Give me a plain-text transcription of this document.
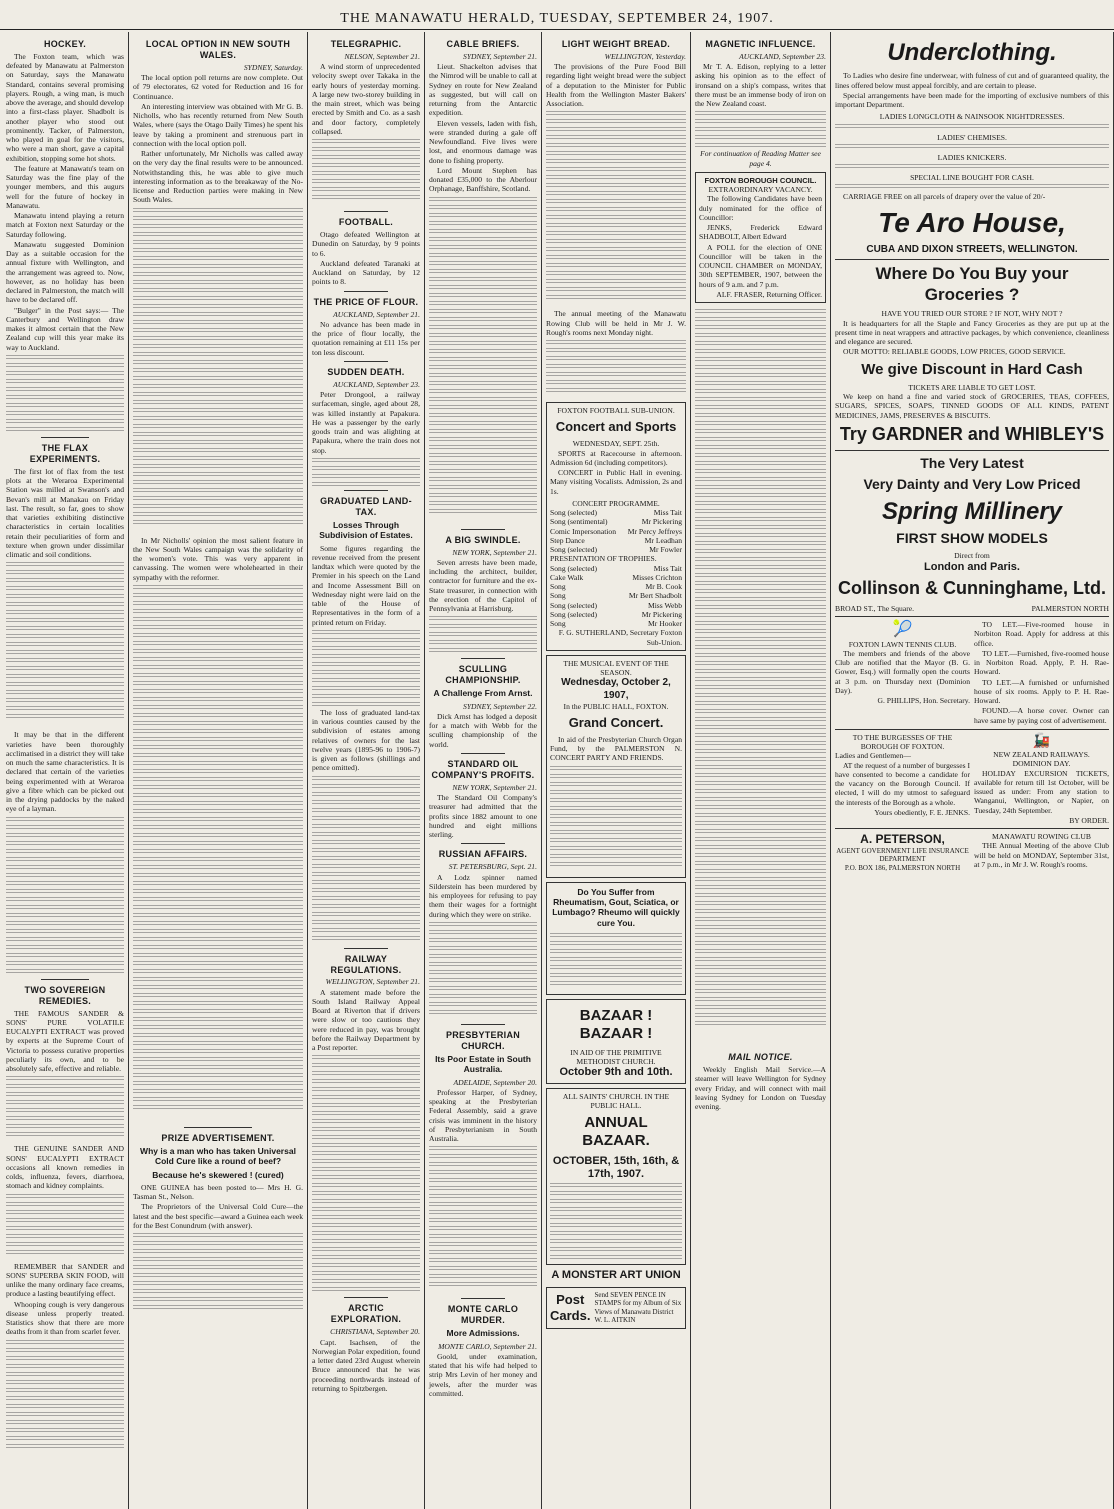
THE MANAWATU HERALD, TUESDAY, SEPTEMBER 24, 1907.
HOCKEY.

The Foxton team, which was defeated by Manawatu at Palmerston on Saturday, says the Manawatu Standard, contains several promising players. Rough, a wing man, is much above the average, and should develop into a first-class player. Shadbolt is another player who stood out prominently. Tacker, of Palmerston, who played in goal for the visitors, who were a man short, gave a capital exhibition, stopping some hot shots.

The feature at Manawatu's team on Saturday was the fine play of the younger members, and this augurs well for the future of hockey in Manawatu.

Manawatu intend playing a return match at Foxton next Saturday or the Saturday following.

Manawatu suggested Dominion Day as a suitable occasion for the annual fixture with Wellington, and the arrangement was agreed to. Now, however, as no holiday has been declared in Palmerston, the match will have to be declared off.

"Bulger" in the Post says:— The Canterbury and Wellington draw makes it almost certain that the New Zealand cup will this year make its way to Auckland.

THE FLAX EXPERIMENTS.

The first lot of flax from the test plots at the Weraroa Experimental Station was milled at Swanson's and Bevan's mill at Manakau on Friday last. The result, so far, goes to show that varieties exhibiting distinctive characteristics in certain localities retain their peculiarities of form and texture when grown under dissimilar climatic and soil conditions.

It may be that in the different varieties have been thoroughly acclimatised in a district they will take on much the same characteristics. It is declared that certain of the varieties being experimented with at Weraroa give a fibre which can be picked out in the drying paddocks by the naked eye of a layman.

TWO SOVEREIGN REMEDIES.

THE FAMOUS SANDER & SONS' PURE VOLATILE EUCALYPTI EXTRACT was proved by experts at the Supreme Court of Victoria to possess curative properties peculiarly its own, and to be absolutely safe, effective and reliable.

THE GENUINE SANDER AND SONS' EUCALYPTI EXTRACT occasions all known remedies in colds, influenza, fevers, diarrhoea, stomach and kidney complaints.

REMEMBER that SANDER and SONS' SUPERBA SKIN FOOD, will unlike the many ordinary face creams, produce a lasting beautifying effect.

Whooping cough is very dangerous disease unless properly treated. Statistics show that there are more deaths from it than from scarlet fever.

LOCAL OPTION IN NEW SOUTH WALES.
SYDNEY, Saturday.

The local option poll returns are now complete. Out of 79 electorates, 62 voted for Reduction and 16 for Continuance.

An interesting interview was obtained with Mr G. B. Nicholls, who has recently returned from New South Wales, where (says the Otago Daily Times) he spent his leave by taking a prominent and strenuous part in connection with the local option poll.

Rather unfortunately, Mr Nicholls was called away on the very day the final results were to be announced. Notwithstanding this, he was able to give much interesting information as to the breakaway of the No-license and Reduction parties were making in New South Wales.

In Mr Nicholls' opinion the most salient feature in the New South Wales campaign was the solidarity of the women's vote. This was very apparent in canvassing. The women were wholehearted in their sympathy with the reformer.

PRIZE ADVERTISEMENT.
Why is a man who has taken Universal Cold Cure like a round of beef?
Because he's skewered ! (cured)

ONE GUINEA has been posted to— Mrs H. G. Tasman St., Nelson.

The Proprietors of the Universal Cold Cure—the latest and the best specific—award a Guinea each week for the Best Conundrum (with answer).

TELEGRAPHIC.
NELSON, September 21.

A wind storm of unprecedented velocity swept over Takaka in the early hours of yesterday morning. A large new two-storey building in the main street, which was being erected by Smith and Co. as a sash and door factory, completely collapsed.

FOOTBALL.

Otago defeated Wellington at Dunedin on Saturday, by 9 points to 6.

Auckland defeated Taranaki at Auckland on Saturday, by 12 points to 8.

THE PRICE OF FLOUR.
AUCKLAND, September 21.

No advance has been made in the price of flour locally, the quotation remaining at £11 15s per ton less discount.

SUDDEN DEATH.
AUCKLAND, September 23.

Peter Drongool, a railway surfaceman, single, aged about 28, was killed instantly at Papakura. He was a passenger by the early goods train and was alighting at Papakura, where the train does not stop.

GRADUATED LAND-TAX.
Losses Through Subdivision of Estates.

Some figures regarding the revenue received from the present landtax which were quoted by the Premier in his speech on the Land and Income Assessment Bill on Wednesday night were laid on the table of the House of Representatives in the form of a printed return on Friday.

The loss of graduated land-tax in various counties caused by the subdivision of estates among relatives of owners for the last twelve years (1895-96 to 1906-7) is given as follows (shillings and pence omitted).

RAILWAY REGULATIONS.
WELLINGTON, September 21.

A statement made before the South Island Railway Appeal Board at Riverton that if drivers were slow or too cautious they were reduced in pay, was brought before the Railway Department by a Post reporter.

ARCTIC EXPLORATION.
CHRISTIANA, September 20.

Capt. Isachsen, of the Norwegian Polar expedition, found a letter dated 23rd August wherein Bruce announced that he was proceeding northwards instead of returning to Spitzbergen.

CABLE BRIEFS.
SYDNEY, September 21.

Lieut. Shackelton advises that the Nimrod will be unable to call at Sydney en route for New Zealand as suggested, but will call on returning from the Antarctic expedition.

Eleven vessels, laden with fish, were stranded during a gale off Newfoundland. Five lives were lost, and enormous damage was done to fishing property.

Lord Mount Stephen has donated £35,000 to the Aberlour Orphanage, Banffshire, Scotland.

A BIG SWINDLE.
NEW YORK, September 21.

Seven arrests have been made, including the architect, builder, contractor for furniture and the ex-State treasurer, in connection with the erection of the Capitol of Pennsylvania at Harrisburg.

SCULLING CHAMPIONSHIP.
A Challenge From Arnst.
SYDNEY, September 22.

Dick Arnst has lodged a deposit for a match with Webb for the sculling championship of the world.

STANDARD OIL COMPANY'S PROFITS.
NEW YORK, September 21.

The Standard Oil Company's treasurer had admitted that the profits since 1882 amount to one hundred and eight millions sterling.

RUSSIAN AFFAIRS.
ST. PETERSBURG, Sept. 21.

A Lodz spinner named Silderstein has been murdered by his employees for refusing to pay them their wages for a fortnight during which they were on strike.

PRESBYTERIAN CHURCH.
Its Poor Estate in South Australia.
ADELAIDE, September 20.

Professor Harper, of Sydney, speaking at the Presbyterian Federal Assembly, said a grave crisis was imminent in the history of Presbyterianism in South Australia.

MONTE CARLO MURDER.
More Admissions.
MONTE CARLO, September 21.

Goold, under examination, stated that his wife had helped to strip Mrs Levin of her money and jewels, after the murder was committed.

LIGHT WEIGHT BREAD.
WELLINGTON, Yesterday.

The provisions of the Pure Food Bill regarding light weight bread were the subject of a deputation to the Minister for Public Health from the Wellington Master Bakers' Association.

The annual meeting of the Manawatu Rowing Club will be held in Mr J. W. Rough's rooms next Monday night.

FOXTON FOOTBALL SUB-UNION.
Concert and Sports
WEDNESDAY, SEPT. 25th.

SPORTS at Racecourse in afternoon. Admission 6d (including competitors).

CONCERT in Public Hall in evening. Many visiting Vocalists. Admission, 2s and 1s.

CONCERT PROGRAMME.
Song (selected)	Miss Tait
Song (sentimental)	Mr Pickering
Comic Impersonation Mr Percy Jeffreys
Step Dance	Mr Leadhan
Song (selected)	Mr Fowler
PRESENTATION OF TROPHIES.
Song (selected)	Miss Tait
Cake Walk	Misses Crichton
Song	Mr B. Cook
Song	Mr Bert Shadbolt
Song (selected)	Miss Webb
Song (selected)	Mr Pickering
Song	Mr Hooker
F. G. SUTHERLAND, Secretary Foxton Sub-Union.
THE MUSICAL EVENT OF THE SEASON.
Wednesday, October 2, 1907,
In the PUBLIC HALL, FOXTON.
Grand Concert.

In aid of the Presbyterian Church Organ Fund, by the PALMERSTON N. CONCERT PARTY AND FRIENDS.

Do You Suffer from Rheumatism, Gout, Sciatica, or Lumbago? Rheumo will quickly cure You.
BAZAAR ! BAZAAR !
IN AID OF THE PRIMITIVE METHODIST CHURCH.
October 9th and 10th.
ALL SAINTS' CHURCH. IN THE PUBLIC HALL.
ANNUAL BAZAAR.
OCTOBER, 15th, 16th, & 17th, 1907.
A MONSTER ART UNION
Post Cards.
Send SEVEN PENCE IN STAMPS for my Album of Six Views of Manawatu District W. L. AITKIN
MAGNETIC INFLUENCE.
AUCKLAND, September 23.

Mr T. A. Edison, replying to a letter asking his opinion as to the effect of ironsand on a ship's compass, writes that there must be an immense body of iron on the New Zealand coast.

For continuation of Reading Matter see page 4.
FOXTON BOROUGH COUNCIL.
EXTRAORDINARY VACANCY.

The following Candidates have been duly nominated for the office of Councillor:

JENKS, Frederick Edward SHADBOLT, Albert Edward

A POLL for the election of ONE Councillor will be taken in the COUNCIL CHAMBER on MONDAY, 30th SEPTEMBER, 1907, between the hours of 9 a.m. and 7 p.m.

ALF. FRASER, Returning Officer.
MAIL NOTICE.

Weekly English Mail Service.—A steamer will leave Wellington for Sydney every Friday, and will connect with mail leaving Sydney for London on Tuesday evening.

Underclothing.

To Ladies who desire fine underwear, with fulness of cut and of guaranteed quality, the lines offered below must appeal forcibly, and are certain to please.

Special arrangements have been made for the importing of exclusive numbers of this important Department.

LADIES LONGCLOTH & NAINSOOK NIGHTDRESSES.
LADIES' CHEMISES.
LADIES KNICKERS.
SPECIAL LINE BOUGHT FOR CASH.

CARRIAGE FREE on all parcels of drapery over the value of 20/-

Te Aro House,
CUBA AND DIXON STREETS, WELLINGTON.
Where Do You Buy your Groceries ?
HAVE YOU TRIED OUR STORE ? IF NOT, WHY NOT ?

It is headquarters for all the Staple and Fancy Groceries as they are put up at the present time in neat wrappers and attractive packages, by which convenience, cleanliness and elegance are secured.

OUR MOTTO: RELIABLE GOODS, LOW PRICES, GOOD SERVICE.

We give Discount in Hard Cash
TICKETS ARE LIABLE TO GET LOST.

We keep on hand a fine and varied stock of GROCERIES, TEAS, COFFEES, SUGARS, SPICES, SOAPS, TINNED GOODS OF ALL KINDS, PATENT MEDICINES, JAMS, PRESERVES & BISCUITS.

Try GARDNER and WHIBLEY'S
The Very Latest
Very Dainty and Very Low Priced
Spring Millinery
FIRST SHOW MODELS
Direct from
London and Paris.
Collinson & Cunninghame, Ltd.
BROAD ST., The Square.	PALMERSTON NORTH
🎾
FOXTON LAWN TENNIS CLUB.

The members and friends of the above Club are notified that the Mayor (B. G. Gower, Esq.) will formally open the courts at 3 p.m. on Thursday next (Dominion Day).

G. PHILLIPS, Hon. Secretary.

TO LET.—Five-roomed house in Norbiton Road. Apply for address at this office.

TO LET.—Furnished, five-roomed house in Norbiton Road. Apply, P. H. Rae-Howard.

TO LET.—A furnished or unfurnished house of six rooms. Apply to P. H. Rae-Howard.

FOUND.—A horse cover. Owner can have same by paying cost of advertisement.

TO THE BURGESSES OF THE BOROUGH OF FOXTON.

Ladies and Gentlemen—

AT the request of a number of burgesses I have consented to become a candidate for the vacancy on the Borough Council. If elected, I will do my utmost to safeguard the interests of the Borough as a whole.

Yours obediently, F. E. JENKS.
🚂
NEW ZEALAND RAILWAYS.
DOMINION DAY.

HOLIDAY EXCURSION TICKETS, available for return till 1st October, will be issued as under: From any station to Wanganui, Wellington, or Napier, on Tuesday, 24th September.

BY ORDER.
A. PETERSON,
AGENT GOVERNMENT LIFE INSURANCE DEPARTMENT
P.O. BOX 186, PALMERSTON NORTH
MANAWATU ROWING CLUB

THE Annual Meeting of the above Club will be held on MONDAY, September 31st, at 7 p.m., in Mr J. W. Rough's rooms.
